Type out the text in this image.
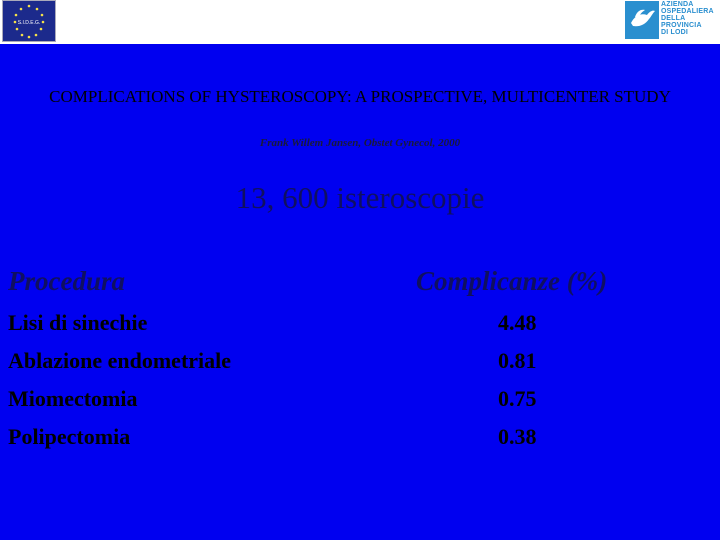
S.I.D.E.G.
AZIENDA
OSPEDALIERA
DELLA
PROVINCIA
DI LODI
COMPLICATIONS OF HYSTEROSCOPY: A PROSPECTIVE, MULTICENTER STUDY
Frank Willem Jansen, Obstet Gynecol, 2000
13, 600 isteroscopie
Procedura	Complicanze (%)
Lisi di sinechie	4.48
Ablazione endometriale	0.81
Miomectomia	0.75
Polipectomia	0.38
